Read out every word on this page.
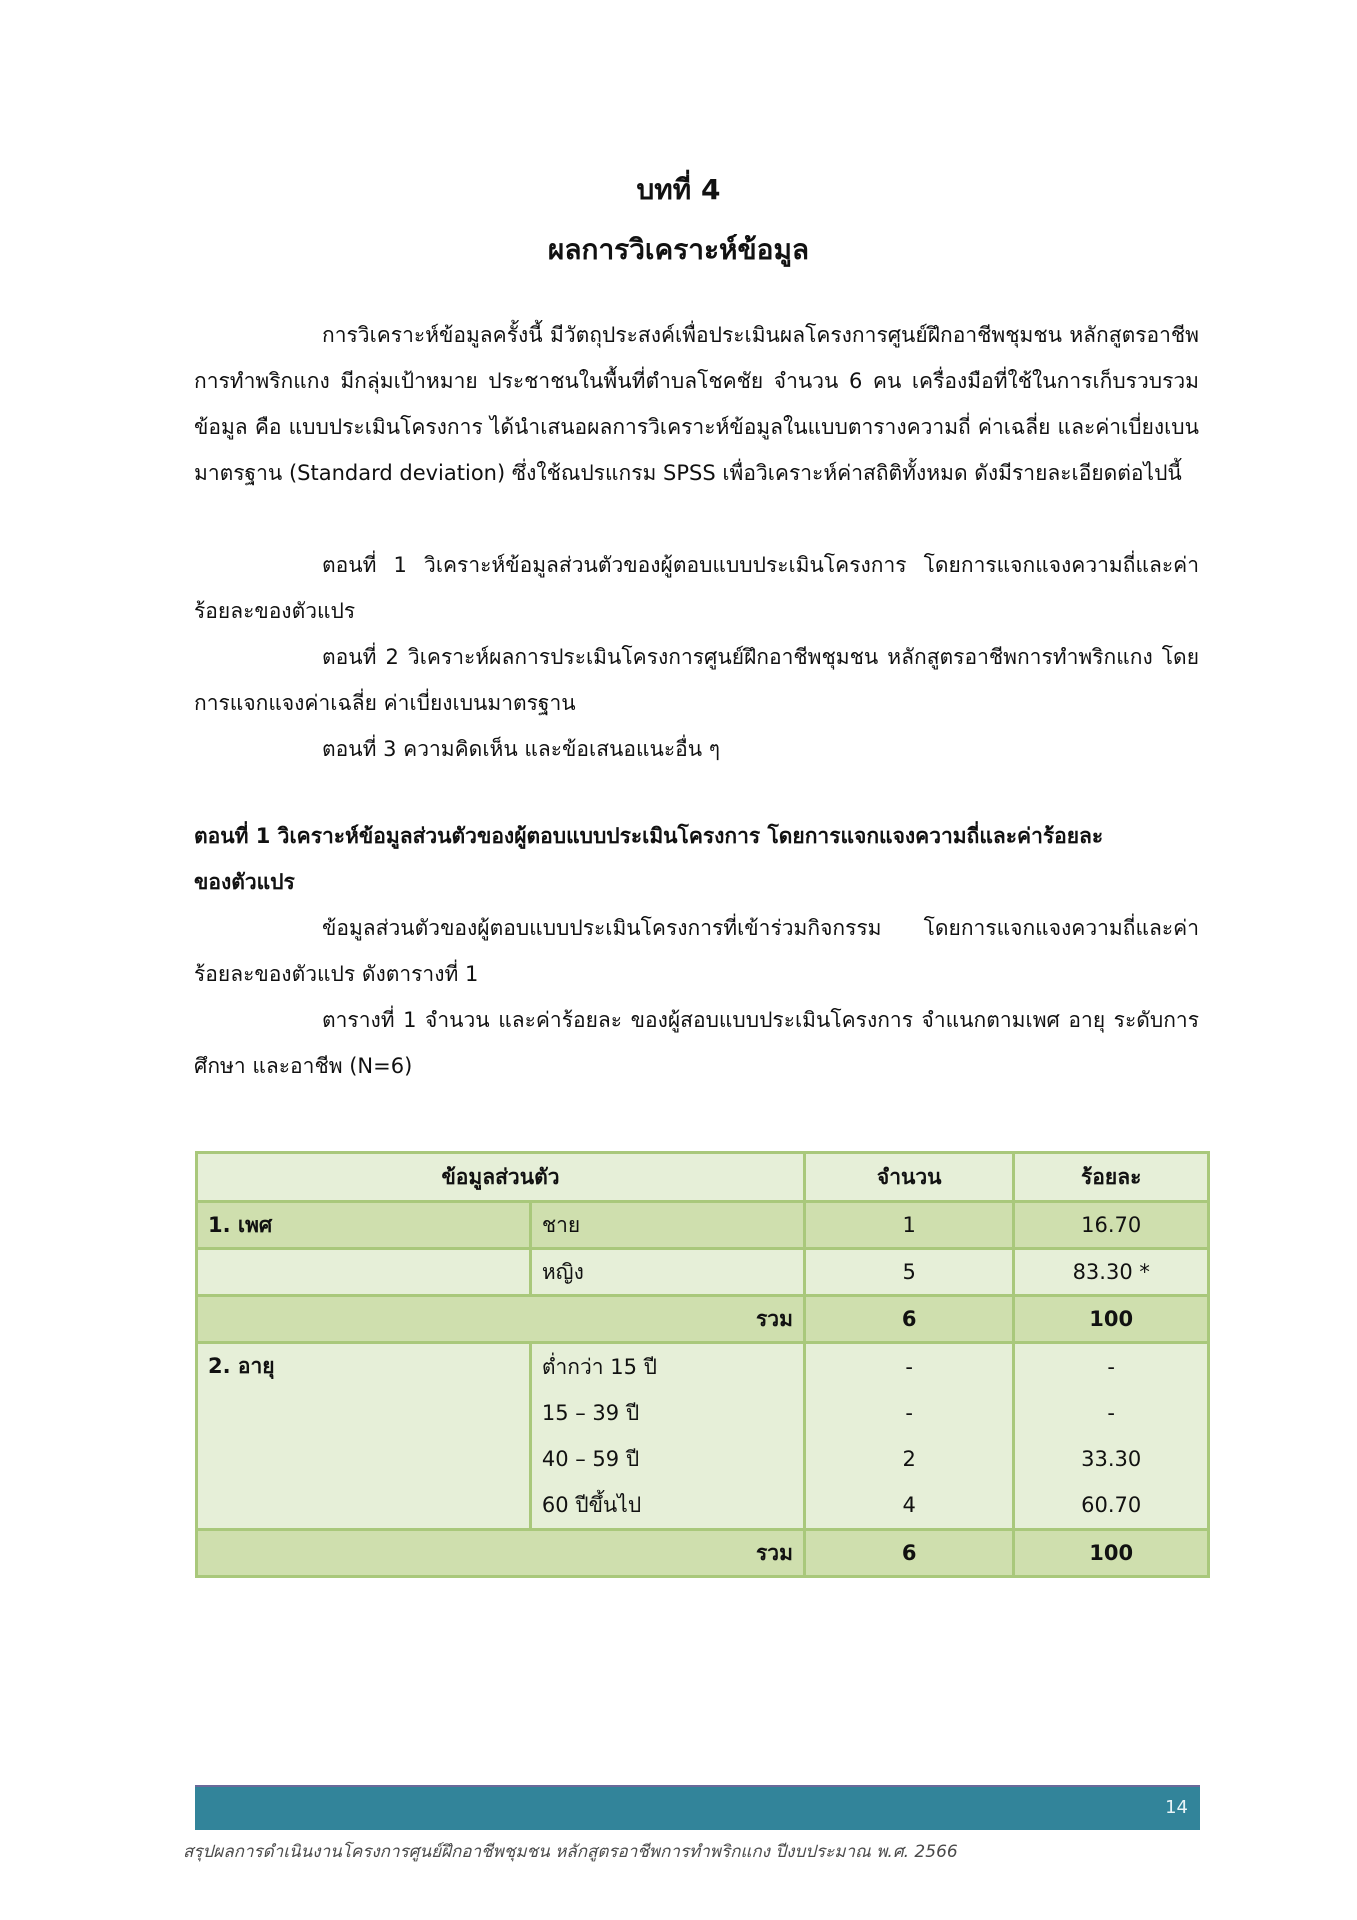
บทที่ 4
ผลการวิเคราะห์ข้อมูล

การวิเคราะห์ข้อมูลครั้งนี้ มีวัตถุประสงค์เพื่อประเมินผลโครงการศูนย์ฝึกอาชีพชุมชน หลักสูตรอาชีพการทำพริกแกง มีกลุ่มเป้าหมาย ประชาชนในพื้นที่ตำบลโชคชัย จำนวน 6 คน เครื่องมือที่ใช้ในการเก็บรวบรวมข้อมูล คือ แบบประเมินโครงการ ได้นำเสนอผลการวิเคราะห์ข้อมูลในแบบตารางความถี่ ค่าเฉลี่ย และค่าเบี่ยงเบนมาตรฐาน (Standard deviation) ซึ่งใช้ณปรแกรม SPSS เพื่อวิเคราะห์ค่าสถิติทั้งหมด ดังมีรายละเอียดต่อไปนี้

ตอนที่ 1 วิเคราะห์ข้อมูลส่วนตัวของผู้ตอบแบบประเมินโครงการ โดยการแจกแจงความถี่และค่าร้อยละของตัวแปร

ตอนที่ 2 วิเคราะห์ผลการประเมินโครงการศูนย์ฝึกอาชีพชุมชน หลักสูตรอาชีพการทำพริกแกง โดยการแจกแจงค่าเฉลี่ย ค่าเบี่ยงเบนมาตรฐาน

ตอนที่ 3 ความคิดเห็น และข้อเสนอแนะอื่น ๆ

ตอนที่ 1 วิเคราะห์ข้อมูลส่วนตัวของผู้ตอบแบบประเมินโครงการ โดยการแจกแจงความถี่และค่าร้อยละของตัวแปร

ข้อมูลส่วนตัวของผู้ตอบแบบประเมินโครงการที่เข้าร่วมกิจกรรม โดยการแจกแจงความถี่และค่าร้อยละของตัวแปร ดังตารางที่ 1

ตารางที่ 1 จำนวน และค่าร้อยละ ของผู้สอบแบบประเมินโครงการ จำแนกตามเพศ อายุ ระดับการศึกษา และอาชีพ (N=6)

ข้อมูลส่วนตัว		จำนวน	ร้อยละ
1. เพศ	ชาย	1	16.70
	หญิง	5	83.30 *
รวม		6	100
2. อายุ	ต่ำกว่า 15 ปี	-	-
	15 – 39 ปี	-	-
	40 – 59 ปี	2	33.30
	60 ปีขึ้นไป	4	60.70
รวม		6	100
14
สรุปผลการดำเนินงานโครงการศูนย์ฝึกอาชีพชุมชน หลักสูตรอาชีพการทำพริกแกง ปีงบประมาณ พ.ศ. 2566
